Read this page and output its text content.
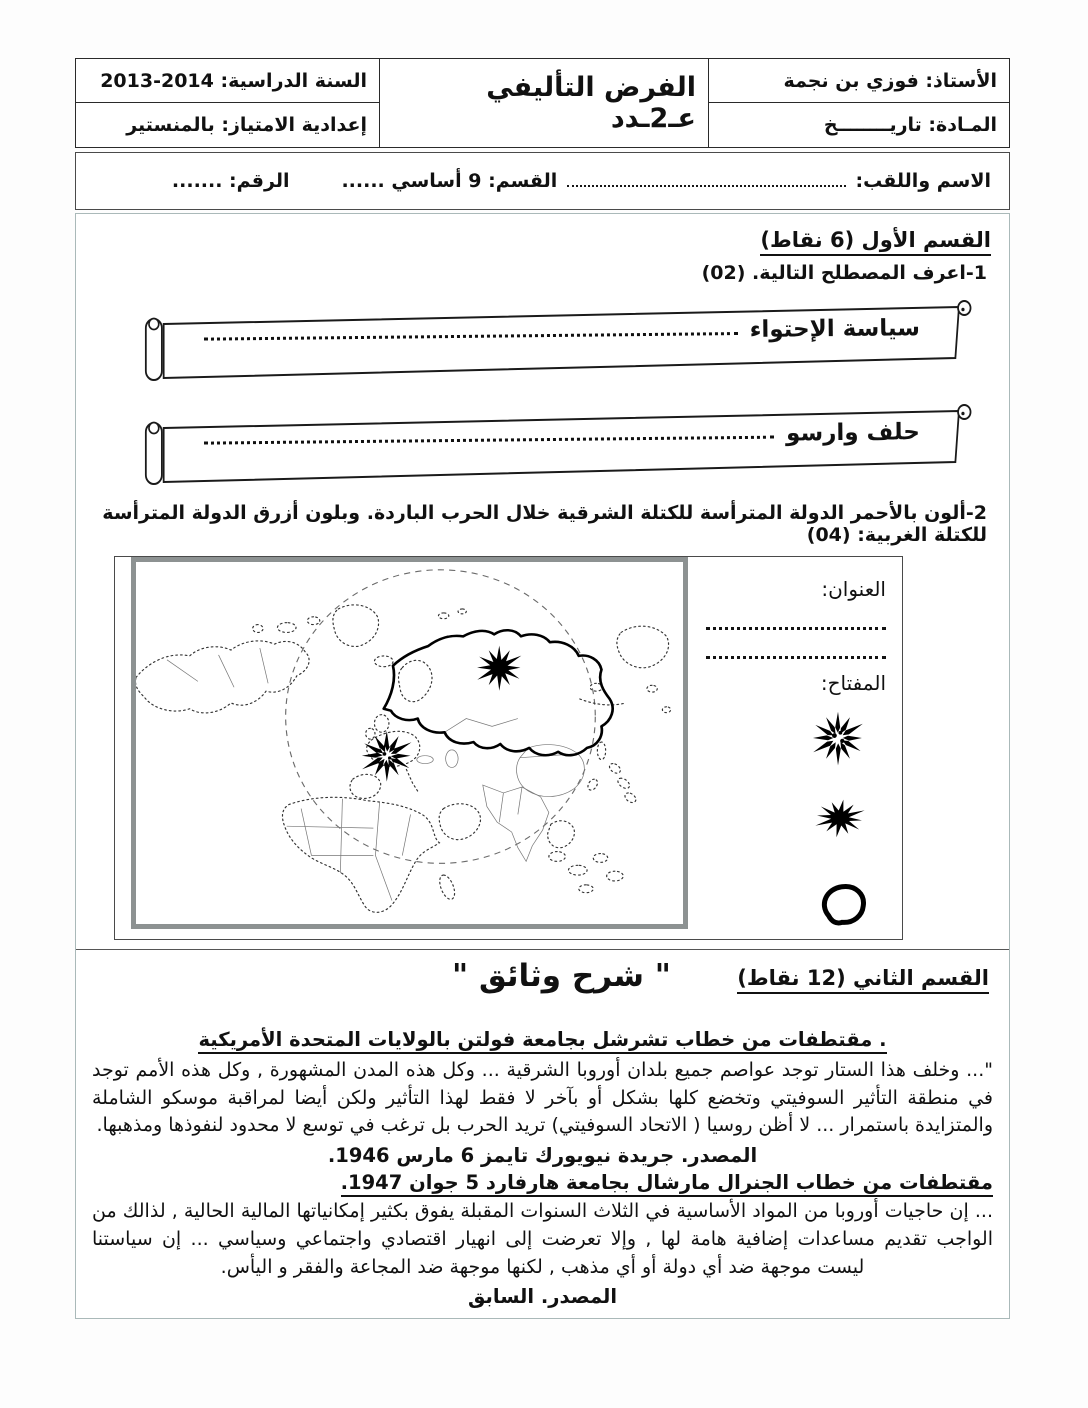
الأستاذ: فوزي بن نجمة
المـادة: تاريــــــــخ
الفرض التأليفي عـ2ـدد
السنة الدراسية: 2014-2013
إعدادية الامتياز: بالمنستير
الاسم واللقب:
القسم: 9 أساسي ......
الرقم: .......
القسم الأول (6 نقاط)
1-اعرف المصطلح التالية. (02)
سياسة الإحتواء
حلف وارسو
2-ألون بالأحمر الدولة المترأسة للكتلة الشرقية خلال الحرب الباردة. وبلون أزرق الدولة المترأسة للكتلة الغربية: (04)
العنوان:
المفتاح:
القسم الثاني (12 نقاط)
" شرح وثائق "
. مقتطفات من خطاب تشرشل بجامعة فولتن بالولايات المتحدة الأمريكية
"... وخلف هذا الستار توجد عواصم جميع بلدان أوروبا الشرقية ... وكل هذه المدن المشهورة , وكل هذه الأمم توجد في منطقة التأثير السوفيتي وتخضع كلها بشكل أو بآخر لا فقط لهذا التأثير ولكن أيضا لمراقبة موسكو الشاملة والمتزايدة باستمرار ... لا أظن روسيا ( الاتحاد السوفيتي) تريد الحرب بل ترغب في توسع لا محدود لنفوذها ومذهبها.
المصدر. جريدة نيويورك تايمز 6 مارس 1946.
مقتطفات من خطاب الجنرال مارشال بجامعة هارفارد 5 جوان 1947.
... إن حاجيات أوروبا من المواد الأساسية في الثلاث السنوات المقبلة يفوق بكثير إمكانياتها المالية الحالية , لذالك من الواجب تقديم مساعدات إضافية هامة لها , وإلا تعرضت إلى انهيار اقتصادي واجتماعي وسياسي ... إن سياستنا ليست موجهة ضد أي دولة أو أي مذهب , لكنها موجهة ضد المجاعة والفقر و اليأس.
المصدر. السابق
